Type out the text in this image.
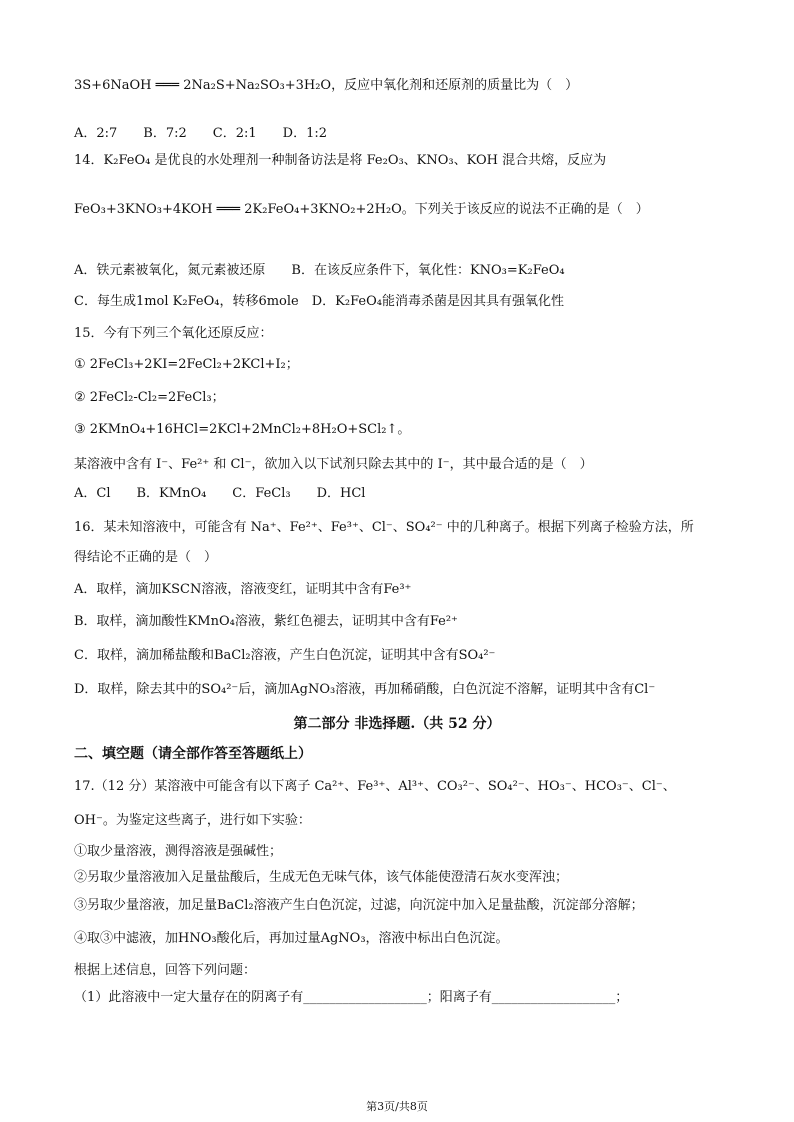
3S+6NaOH ═══ 2Na₂S+Na₂SO₃+3H₂O，反应中氧化剂和还原剂的质量比为（　）
A．2:7　　B．7:2　　C．2:1　　D．1:2
14．K₂FeO₄ 是优良的水处理剂一种制备访法是将 Fe₂O₃、KNO₃、KOH 混合共熔，反应为
FeO₃+3KNO₃+4KOH ═══ 2K₂FeO₄+3KNO₂+2H₂O。下列关于该反应的说法不正确的是（　）
A．铁元素被氧化，氮元素被还原　　B．在该反应条件下，氧化性：KNO₃=K₂FeO₄
C．每生成1mol K₂FeO₄，转移6mole　D．K₂FeO₄能消毒杀菌是因其具有强氧化性
15．今有下列三个氧化还原反应：
① 2FeCl₃+2KI=2FeCl₂+2KCl+I₂；
② 2FeCl₂-Cl₂=2FeCl₃；
③ 2KMnO₄+16HCl=2KCl+2MnCl₂+8H₂O+SCl₂↑。
某溶液中含有 I⁻、Fe²⁺ 和 Cl⁻，欲加入以下试剂只除去其中的 I⁻，其中最合适的是（　）
A．Cl　　B．KMnO₄　　C．FeCl₃　　D．HCl
16．某未知溶液中，可能含有 Na⁺、Fe²⁺、Fe³⁺、Cl⁻、SO₄²⁻ 中的几种离子。根据下列离子检验方法，所
得结论不正确的是（　）
A．取样，滴加KSCN溶液，溶液变红，证明其中含有Fe³⁺
B．取样，滴加酸性KMnO₄溶液，紫红色褪去，证明其中含有Fe²⁺
C．取样，滴加稀盐酸和BaCl₂溶液，产生白色沉淀，证明其中含有SO₄²⁻
D．取样，除去其中的SO₄²⁻后，滴加AgNO₃溶液，再加稀硝酸，白色沉淀不溶解，证明其中含有Cl⁻
第二部分 非选择题.（共 52 分）
二、填空题（请全部作答至答题纸上）
17.（12 分）某溶液中可能含有以下离子 Ca²⁺、Fe³⁺、Al³⁺、CO₃²⁻、SO₄²⁻、HO₃⁻、HCO₃⁻、Cl⁻、
OH⁻。为鉴定这些离子，进行如下实验：
①取少量溶液，测得溶液是强碱性；
②另取少量溶液加入足量盐酸后，生成无色无味气体，该气体能使澄清石灰水变浑浊；
③另取少量溶液，加足量BaCl₂溶液产生白色沉淀，过滤，向沉淀中加入足量盐酸，沉淀部分溶解；
④取③中滤液，加HNO₃酸化后，再加过量AgNO₃，溶液中标出白色沉淀。
根据上述信息，回答下列问题：
（1）此溶液中一定大量存在的阴离子有___________________；阳离子有___________________；
第3页/共8页
